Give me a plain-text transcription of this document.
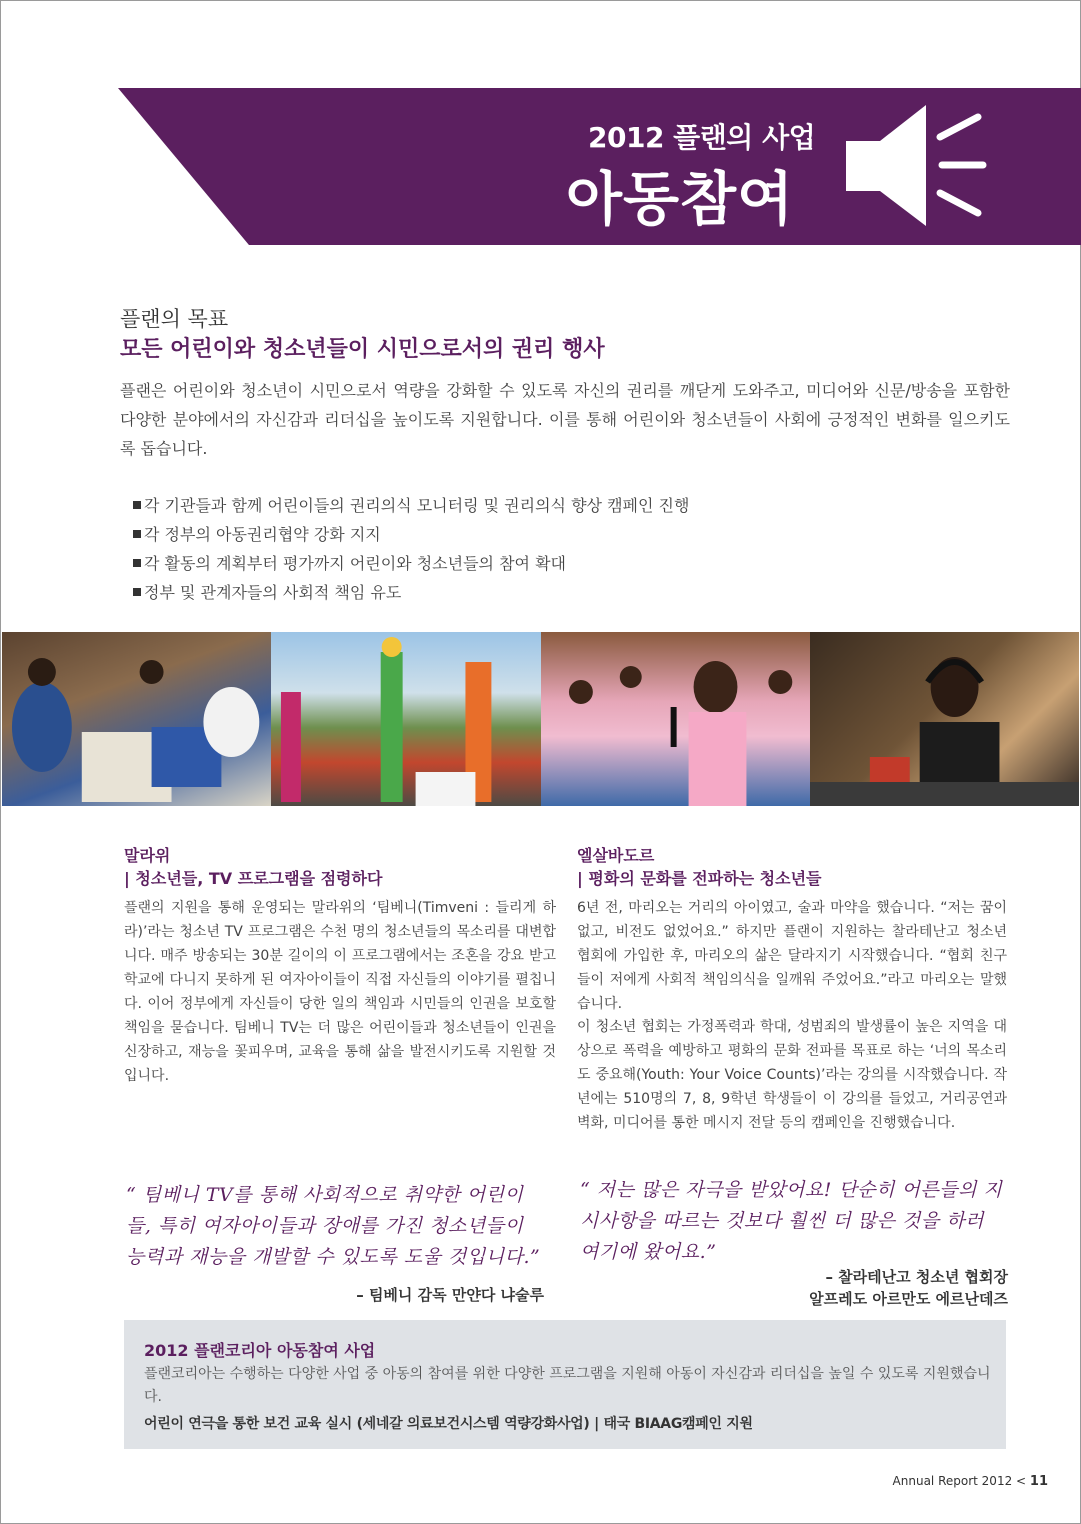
2012 플랜의 사업
아동참여
플랜의 목표
모든 어린이와 청소년들이 시민으로서의 권리 행사
플랜은 어린이와 청소년이 시민으로서 역량을 강화할 수 있도록 자신의 권리를 깨닫게 도와주고, 미디어와 신문/방송을 포함한 다양한 분야에서의 자신감과 리더십을 높이도록 지원합니다. 이를 통해 어린이와 청소년들이 사회에 긍정적인 변화를 일으키도록 돕습니다.
각 기관들과 함께 어린이들의 권리의식 모니터링 및 권리의식 향상 캠페인 진행
각 정부의 아동권리협약 강화 지지
각 활동의 계획부터 평가까지 어린이와 청소년들의 참여 확대
정부 및 관계자들의 사회적 책임 유도
말라위
| 청소년들, TV 프로그램을 점령하다
플랜의 지원을 통해 운영되는 말라위의 ‘팀베니(Timveni : 들리게 하라)’라는 청소년 TV 프로그램은 수천 명의 청소년들의 목소리를 대변합니다. 매주 방송되는 30분 길이의 이 프로그램에서는 조혼을 강요 받고 학교에 다니지 못하게 된 여자아이들이 직접 자신들의 이야기를 펼칩니다. 이어 정부에게 자신들이 당한 일의 책임과 시민들의 인권을 보호할 책임을 묻습니다. 팀베니 TV는 더 많은 어린이들과 청소년들이 인권을 신장하고, 재능을 꽃피우며, 교육을 통해 삶을 발전시키도록 지원할 것입니다.
엘살바도르
| 평화의 문화를 전파하는 청소년들
6년 전, 마리오는 거리의 아이였고, 술과 마약을 했습니다. “저는 꿈이 없고, 비전도 없었어요.” 하지만 플랜이 지원하는 찰라테난고 청소년 협회에 가입한 후, 마리오의 삶은 달라지기 시작했습니다. “협회 친구들이 저에게 사회적 책임의식을 일깨워 주었어요.”라고 마리오는 말했습니다.
이 청소년 협회는 가정폭력과 학대, 성범죄의 발생률이 높은 지역을 대상으로 폭력을 예방하고 평화의 문화 전파를 목표로 하는 ‘너의 목소리도 중요해(Youth: Your Voice Counts)’라는 강의를 시작했습니다. 작년에는 510명의 7, 8, 9학년 학생들이 이 강의를 들었고, 거리공연과 벽화, 미디어를 통한 메시지 전달 등의 캠페인을 진행했습니다.
“ 팀베니 TV를 통해 사회적으로 취약한 어린이들, 특히 여자아이들과 장애를 가진 청소년들이 능력과 재능을 개발할 수 있도록 도울 것입니다.”
– 팀베니 감독 만얀다 냐술루
“ 저는 많은 자극을 받았어요! 단순히 어른들의 지시사항을 따르는 것보다 훨씬 더 많은 것을 하러 여기에 왔어요.”
– 찰라테난고 청소년 협회장
알프레도 아르만도 에르난데즈
2012 플랜코리아 아동참여 사업
플랜코리아는 수행하는 다양한 사업 중 아동의 참여를 위한 다양한 프로그램을 지원해 아동이 자신감과 리더십을 높일 수 있도록 지원했습니다.
어린이 연극을 통한 보건 교육 실시 (세네갈 의료보건시스템 역량강화사업) | 태국 BIAAG캠페인 지원
Annual Report 2012 < 11
